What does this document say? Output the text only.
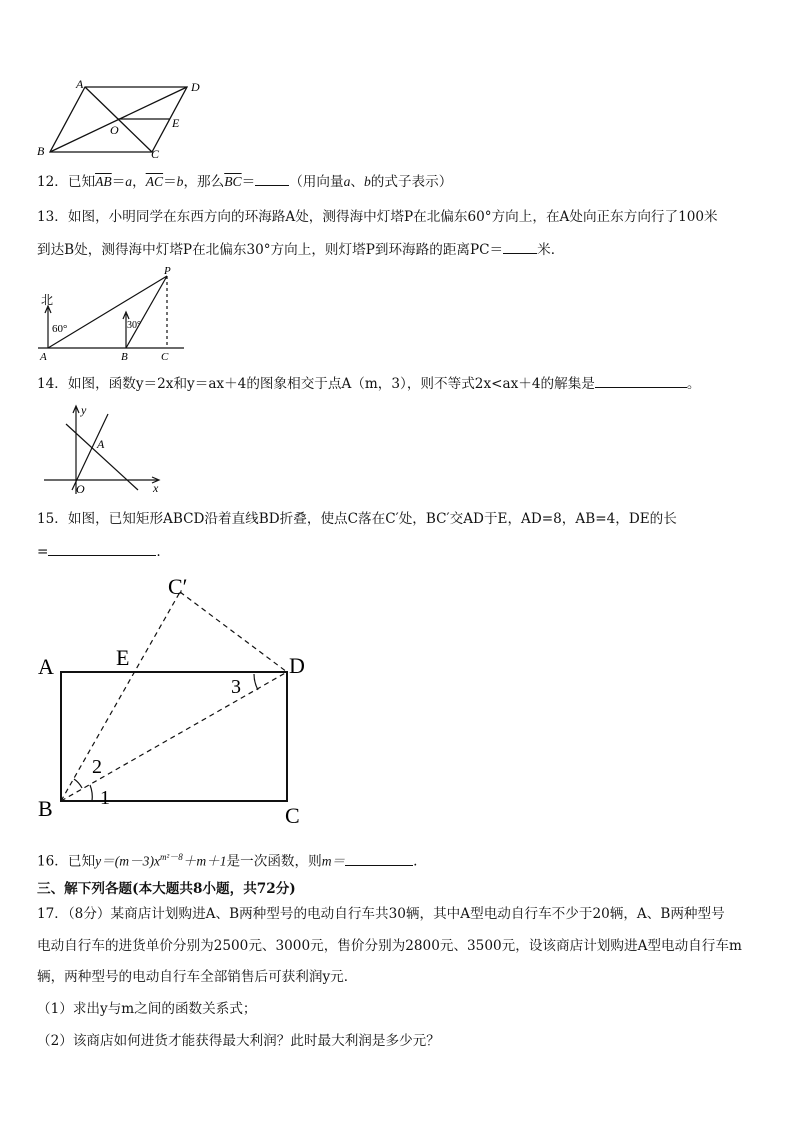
A	D
O	E
B	C
12．已知$\overline{AB}=a$，$\overline{AC}=b$，那么$\overline{BC}=$	（用向量a、b的式子表示）
13．如图，小明同学在东西方向的环海路A处，测得海中灯塔P在北偏东60°方向上，在A处向正东方向行了100米
到达B处，测得海中灯塔P在北偏东30°方向上，则灯塔P到环海路的距离PC＝	米．
北
60°	30°
A	B	C
P
14．如图，函数y＝2x和y＝ax＋4的图象相交于点A（m，3），则不等式2x<ax＋4的解集是	。
y
x
A
O
15．如图，已知矩形ABCD沿着直线BD折叠，使点C落在C′处，BC′交AD于E，AD=8，AB=4，DE的长
=	.
C′
A	E	D
B	C
1
2
3
16．已知$y=(m-3)x^{m^2-8}+m+1$是一次函数，则m＝	.
三、解下列各题(本大题共8小题，共72分)
17．（8分）某商店计划购进A、B两种型号的电动自行车共30辆，其中A型电动自行车不少于20辆，A、B两种型号
电动自行车的进货单价分别为2500元、3000元，售价分别为2800元、3500元，设该商店计划购进A型电动自行车m
辆，两种型号的电动自行车全部销售后可获利润y元．
（1）求出y与m之间的函数关系式；
（2）该商店如何进货才能获得最大利润？此时最大利润是多少元？
